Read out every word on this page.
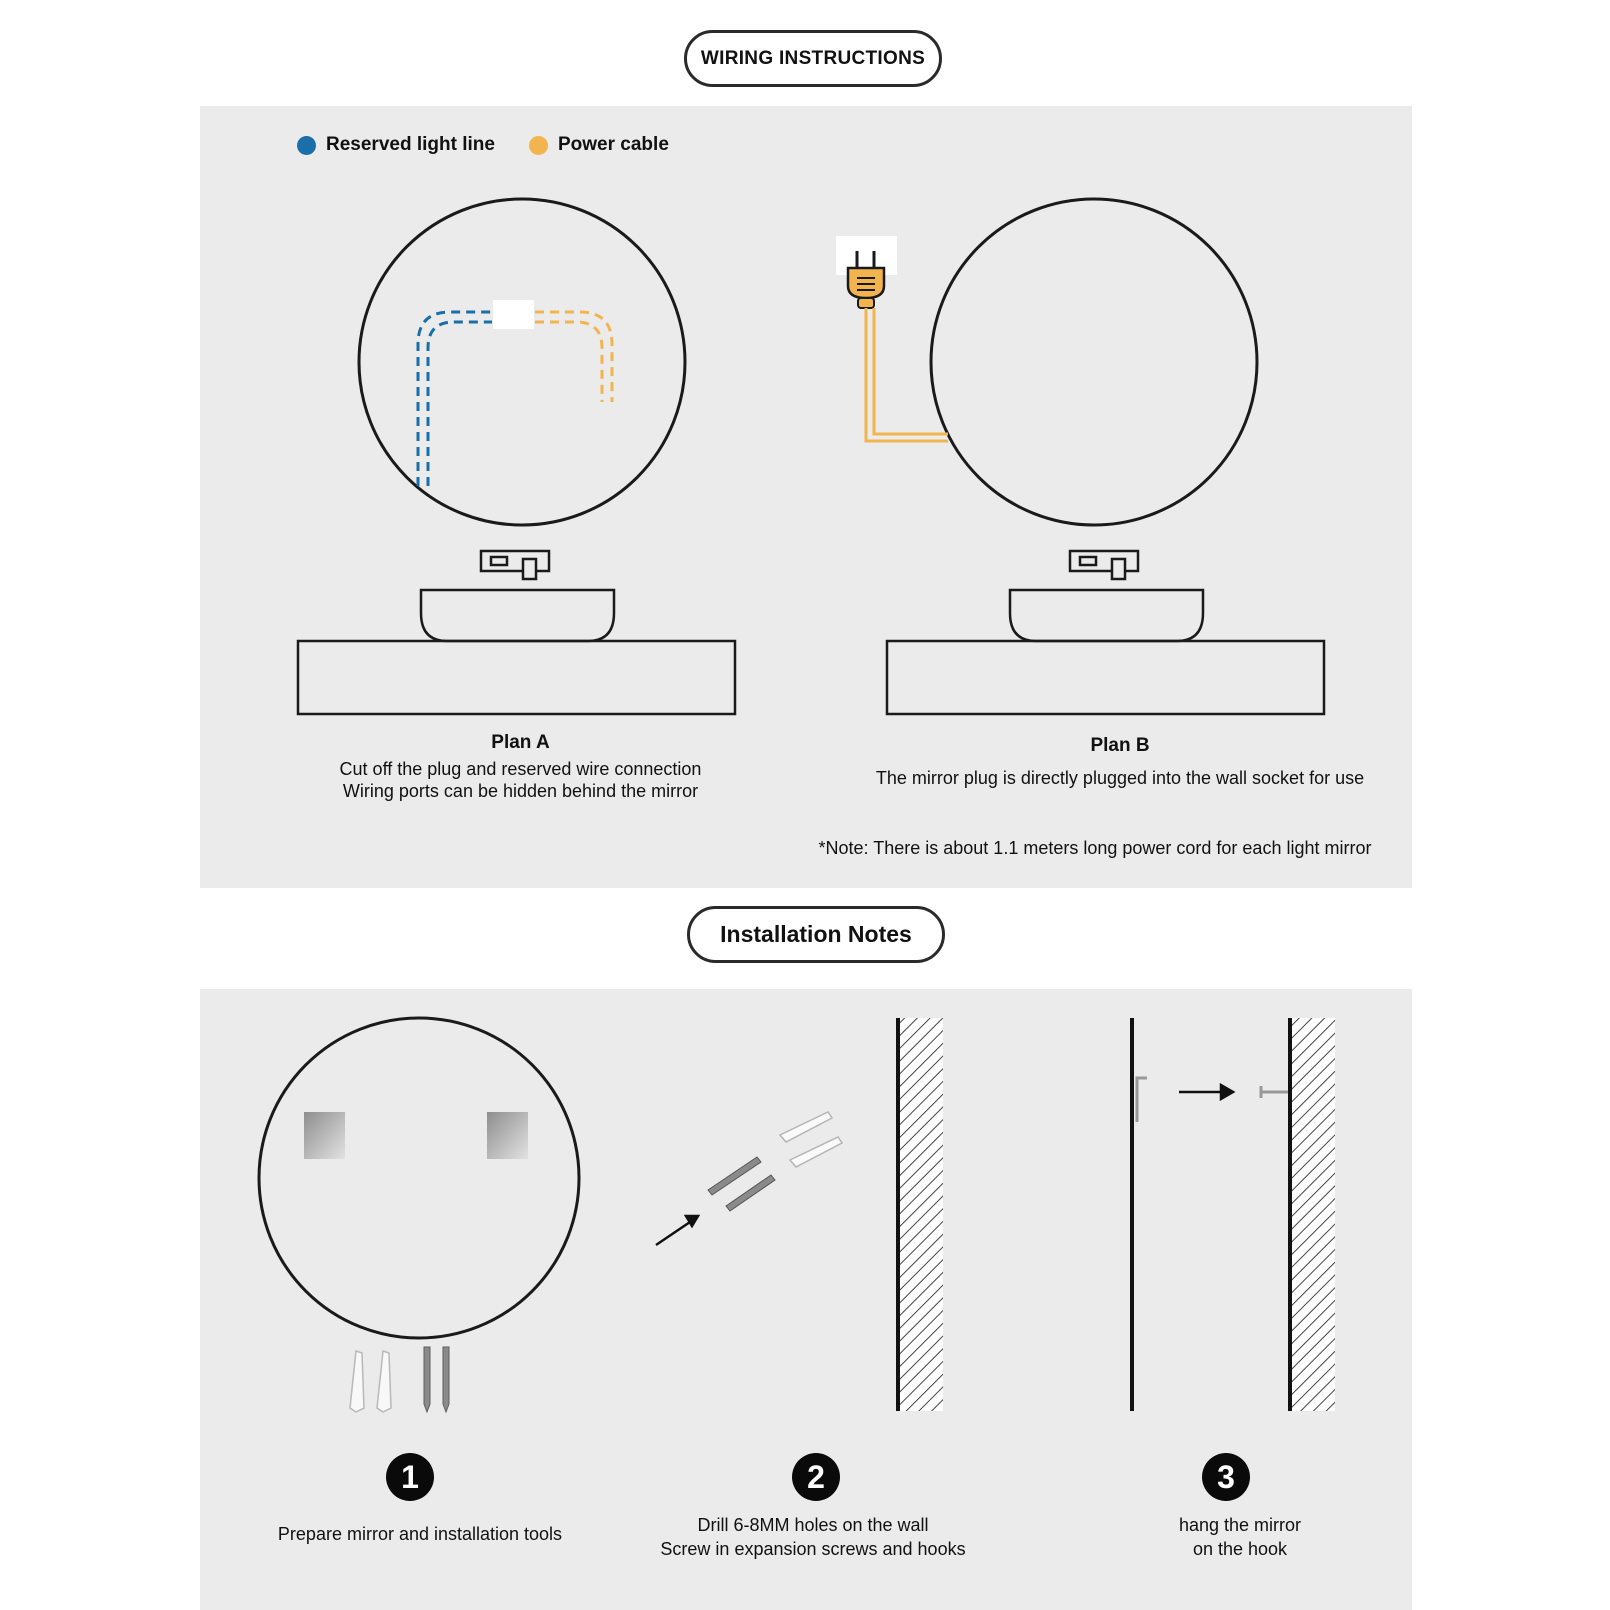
WIRING INSTRUCTIONS
Reserved light line	Power cable
Installation Notes
Plan A
Cut off the plug and reserved wire connection
Wiring ports can be hidden behind the mirror
Plan B
The mirror plug is directly plugged into the wall socket for use
*Note: There is about 1.1 meters long power cord for each light mirror
1	2	3
Prepare mirror and installation tools	Drill 6-8MM holes on the wall
Screw in expansion screws and hooks
hang the mirror
on the hook
